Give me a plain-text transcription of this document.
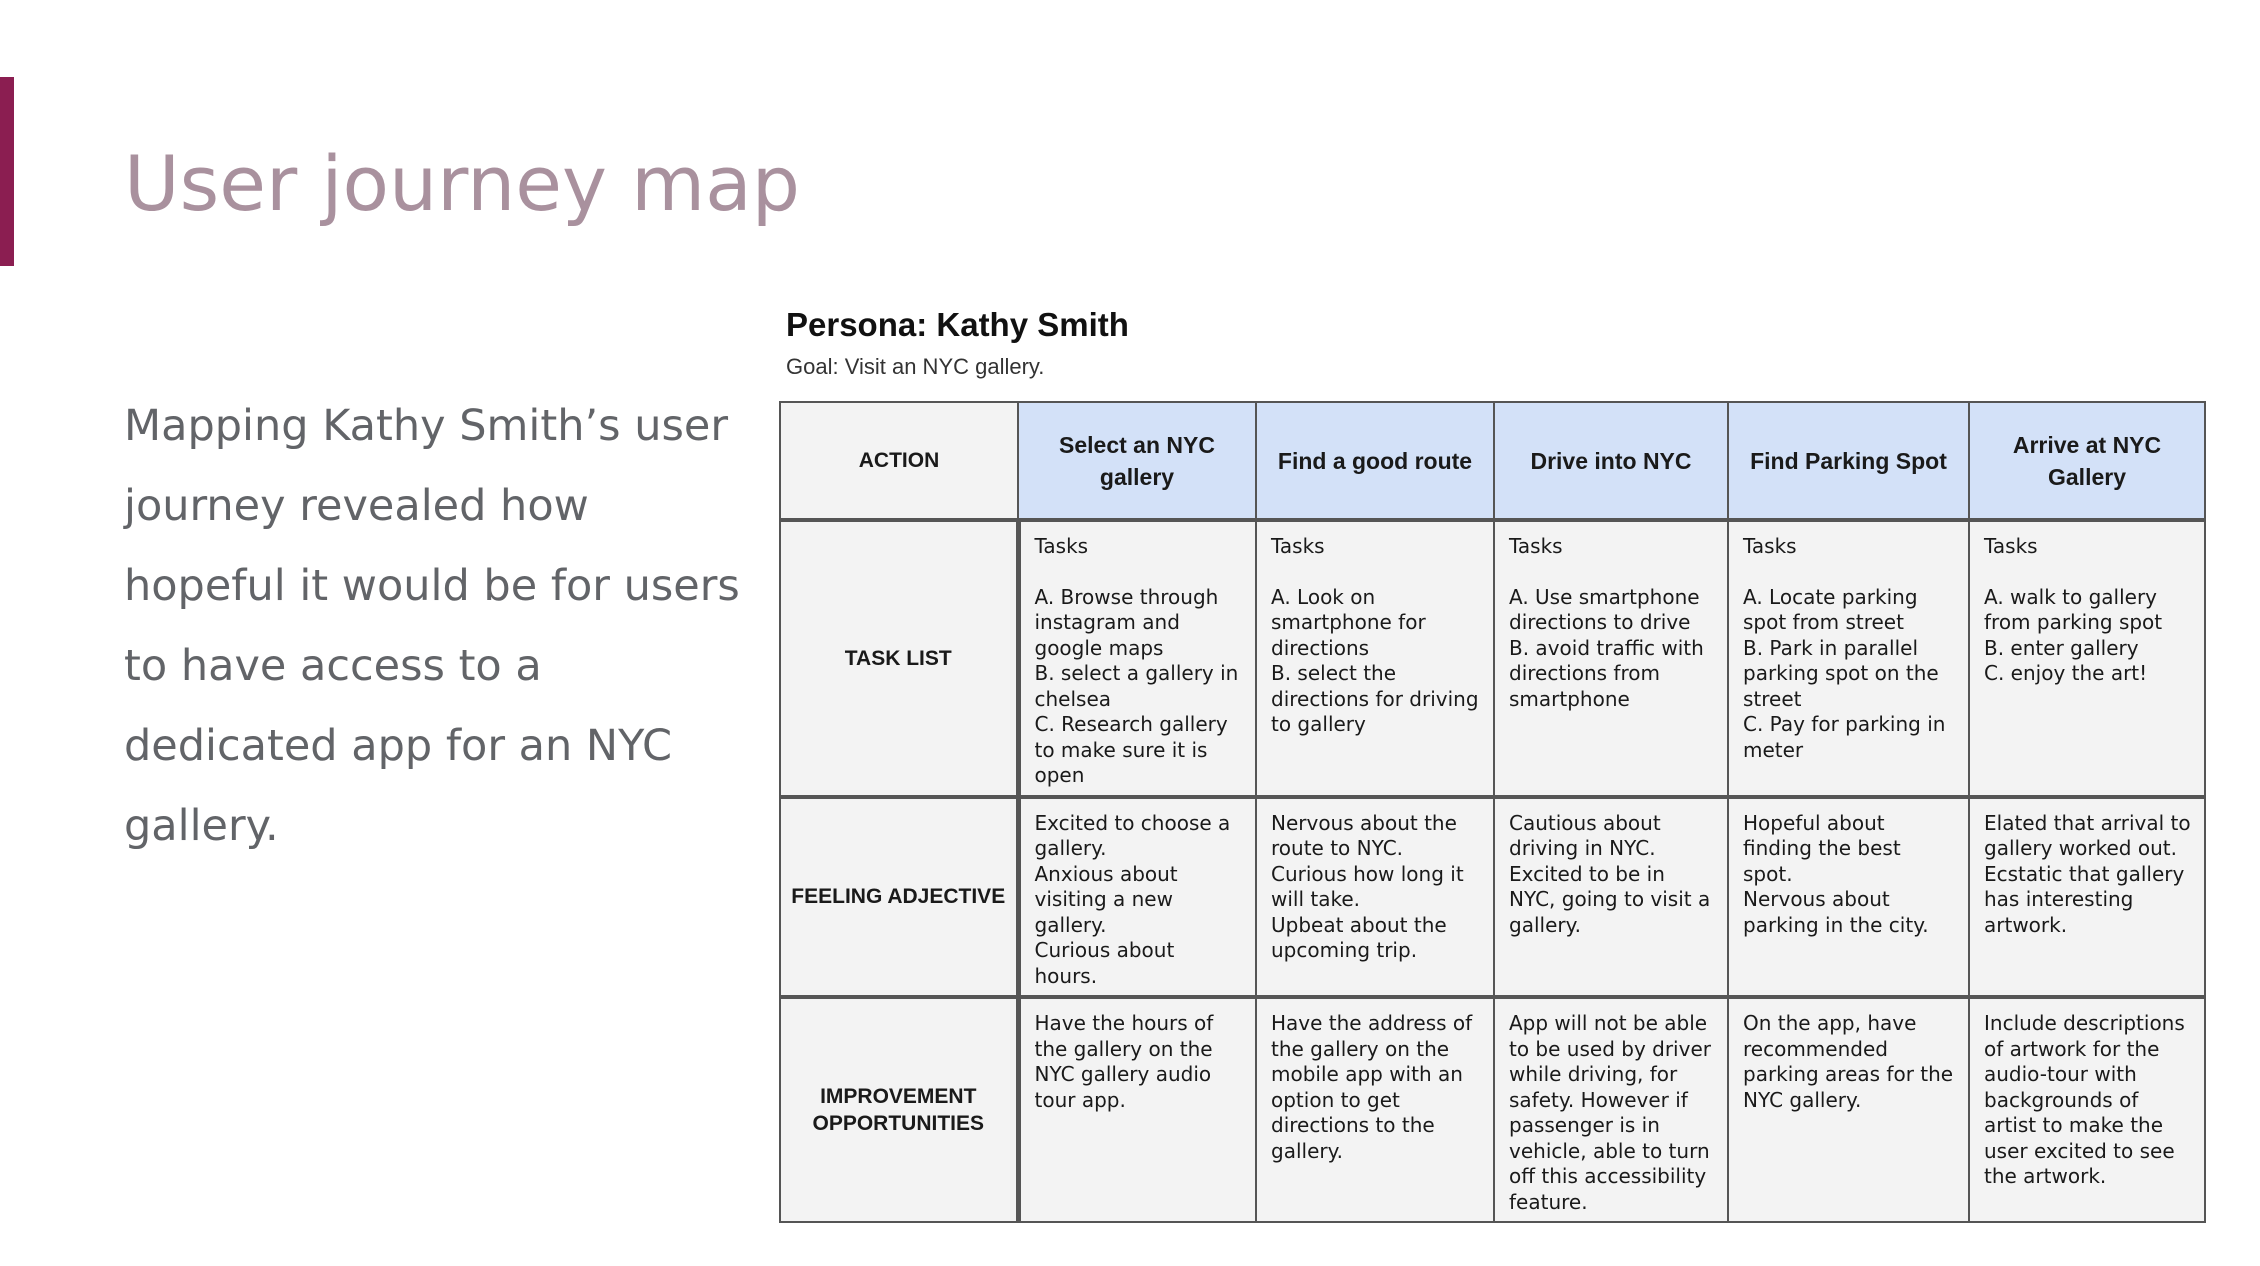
User journey map

Mapping Kathy Smith’s user journey revealed how hopeful it would be for users to have access to a dedicated app for an NYC gallery.

Persona: Kathy Smith
Goal: Visit an NYC gallery.
ACTION	Select an NYC gallery	Find a good route	Drive into NYC	Find Parking Spot	Arrive at NYC Gallery
TASK LIST	Tasks
A. Browse through instagram and google maps
B. select a gallery in chelsea
C. Research gallery to make sure it is open	Tasks
A. Look on smartphone for directions
B. select the directions for driving to gallery	Tasks
A. Use smartphone directions to drive
B. avoid traffic with directions from smartphone	Tasks
A. Locate parking spot from street
B. Park in parallel parking spot on the street
C. Pay for parking in meter	Tasks
A. walk to gallery from parking spot
B. enter gallery
C. enjoy the art!

FEELING ADJECTIVE	Excited to choose a gallery.
Anxious about visiting a new gallery.
Curious about hours.	Nervous about the route to NYC.
Curious how long it will take.
Upbeat about the upcoming trip.	Cautious about driving in NYC.
Excited to be in NYC, going to visit a gallery.	Hopeful about finding the best spot.
Nervous about parking in the city.	Elated that arrival to gallery worked out.
Ecstatic that gallery has interesting artwork.

IMPROVEMENT OPPORTUNITIES	Have the hours of the gallery on the NYC gallery audio tour app.	Have the address of the gallery on the mobile app with an option to get directions to the gallery.	App will not be able to be used by driver while driving, for safety. However if passenger is in vehicle, able to turn off this accessibility feature.	On the app, have recommended parking areas for the NYC gallery.	Include descriptions of artwork for the audio-tour with backgrounds of artist to make the user excited to see the artwork.
